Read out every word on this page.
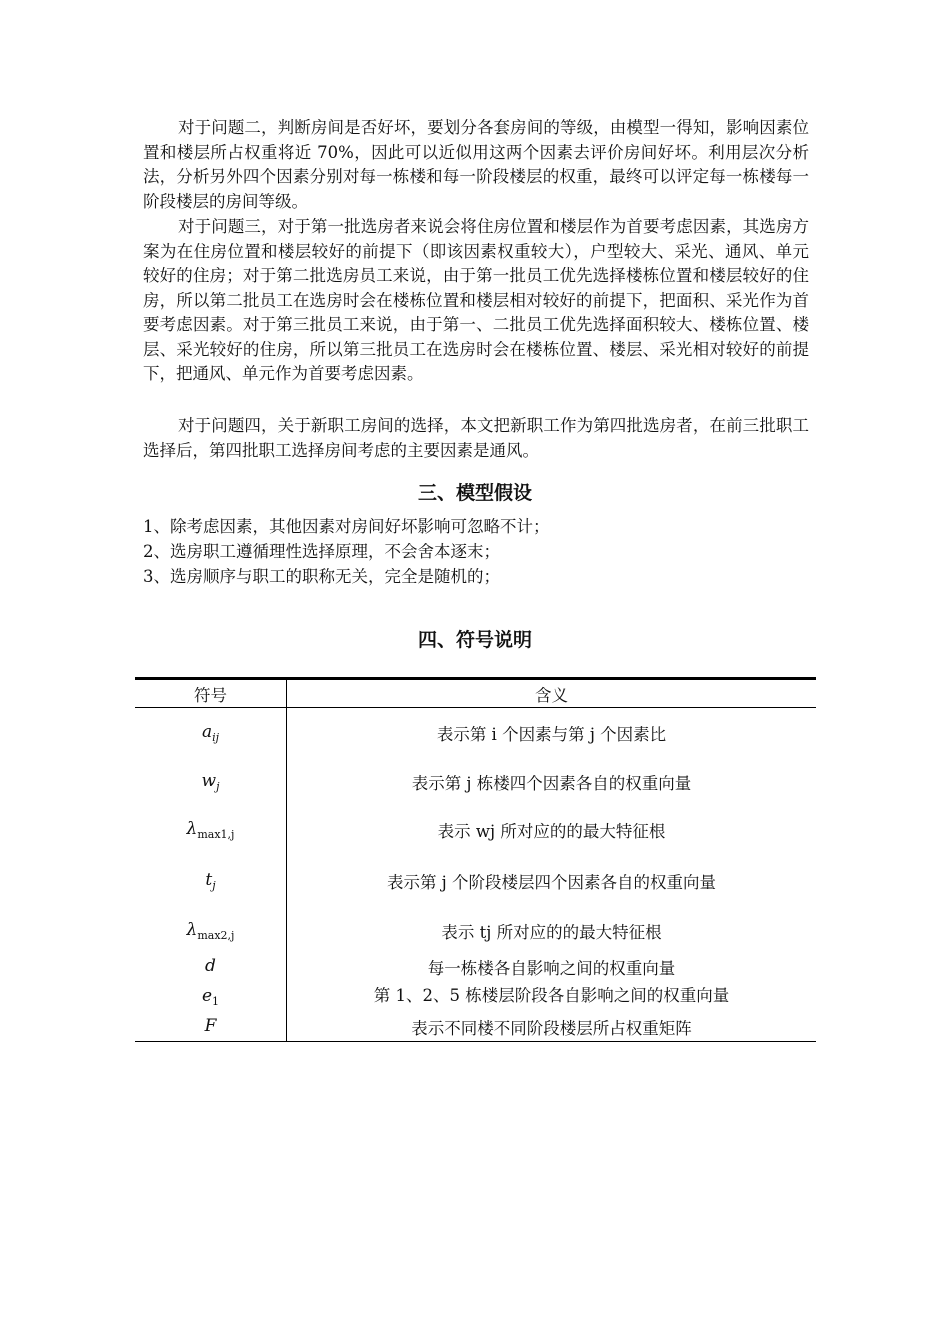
对于问题二，判断房间是否好坏，要划分各套房间的等级，由模型一得知，影响因素位置和楼层所占权重将近 70%，因此可以近似用这两个因素去评价房间好坏。利用层次分析法，分析另外四个因素分别对每一栋楼和每一阶段楼层的权重，最终可以评定每一栋楼每一阶段楼层的房间等级。

对于问题三，对于第一批选房者来说会将住房位置和楼层作为首要考虑因素，其选房方案为在住房位置和楼层较好的前提下（即该因素权重较大），户型较大、采光、通风、单元较好的住房；对于第二批选房员工来说，由于第一批员工优先选择楼栋位置和楼层较好的住房，所以第二批员工在选房时会在楼栋位置和楼层相对较好的前提下，把面积、采光作为首要考虑因素。对于第三批员工来说，由于第一、二批员工优先选择面积较大、楼栋位置、楼层、采光较好的住房，所以第三批员工在选房时会在楼栋位置、楼层、采光相对较好的前提下，把通风、单元作为首要考虑因素。

对于问题四，关于新职工房间的选择，本文把新职工作为第四批选房者，在前三批职工选择后，第四批职工选择房间考虑的主要因素是通风。

三、模型假设
1、除考虑因素，其他因素对房间好坏影响可忽略不计；
2、选房职工遵循理性选择原理，不会舍本逐末；
3、选房顺序与职工的职称无关，完全是随机的；
四、符号说明
符号	含义
$a_{ij}$	表示第 i 个因素与第 j 个因素比
$w_j$	表示第 j 栋楼四个因素各自的权重向量
$\lambda_{max1,j}$	表示 wj 所对应的的最大特征根
$t_j$	表示第 j 个阶段楼层四个因素各自的权重向量
$\lambda_{max2,j}$	表示 tj 所对应的的最大特征根
d	每一栋楼各自影响之间的权重向量
$e_1$	第 1、2、5 栋楼层阶段各自影响之间的权重向量
F	表示不同楼不同阶段楼层所占权重矩阵
